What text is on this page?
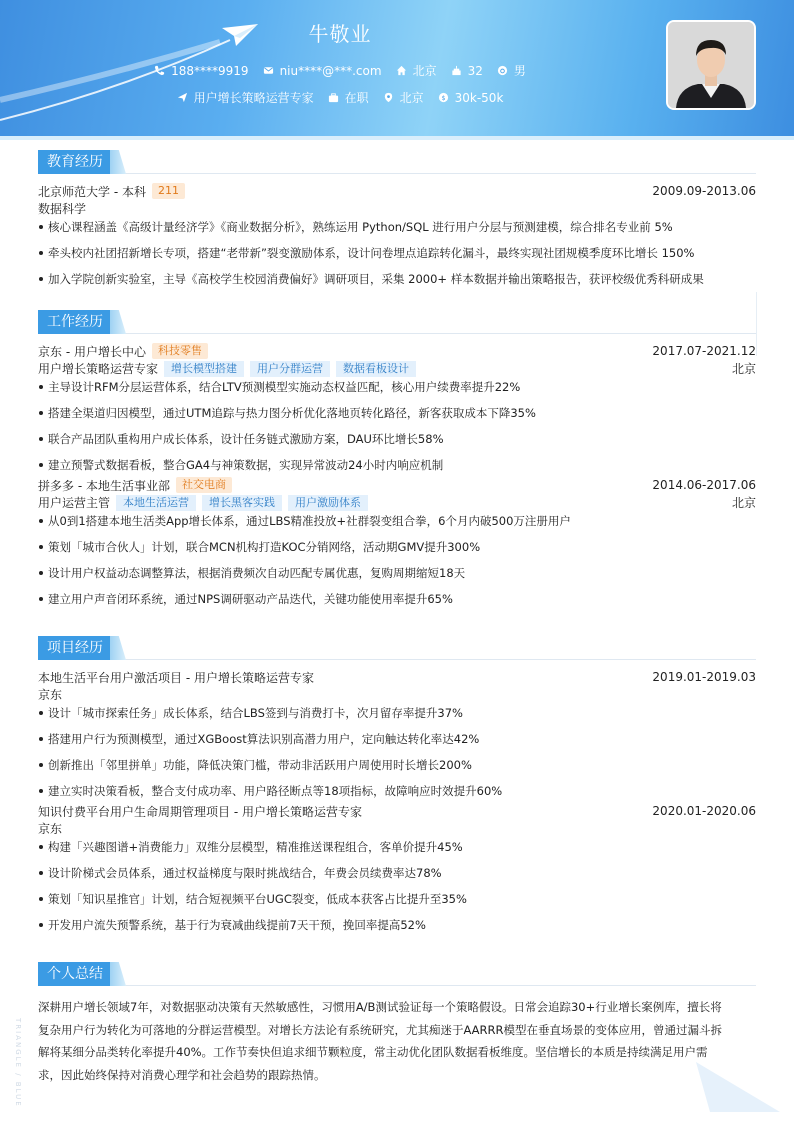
牛敬业
188****9919	niu****@***.com	北京	32	男
用户增长策略运营专家	在职	北京 $ 30k-50k
教育经历
北京师范大学 - 本科	211	2009.09-2013.06
数据科学
核心课程涵盖《高级计量经济学》《商业数据分析》，熟练运用 Python/SQL 进行用户分层与预测建模，综合排名专业前 5%
牵头校内社团招新增长专项，搭建“老带新”裂变激励体系，设计问卷埋点追踪转化漏斗，最终实现社团规模季度环比增长 150%
加入学院创新实验室，主导《高校学生校园消费偏好》调研项目，采集 2000+ 样本数据并输出策略报告，获评校级优秀科研成果
工作经历
京东 - 用户增长中心	科技零售	2017.07-2021.12
用户增长策略运营专家	增长模型搭建	用户分群运营	数据看板设计	北京
主导设计RFM分层运营体系，结合LTV预测模型实施动态权益匹配，核心用户续费率提升22%
搭建全渠道归因模型，通过UTM追踪与热力图分析优化落地页转化路径，新客获取成本下降35%
联合产品团队重构用户成长体系，设计任务链式激励方案，DAU环比增长58%
建立预警式数据看板，整合GA4与神策数据，实现异常波动24小时内响应机制
拼多多 - 本地生活事业部	社交电商	2014.06-2017.06
用户运营主管	本地生活运营	增长黑客实践	用户激励体系	北京
从0到1搭建本地生活类App增长体系，通过LBS精准投放+社群裂变组合拳，6个月内破500万注册用户
策划「城市合伙人」计划，联合MCN机构打造KOC分销网络，活动期GMV提升300%
设计用户权益动态调整算法，根据消费频次自动匹配专属优惠，复购周期缩短18天
建立用户声音闭环系统，通过NPS调研驱动产品迭代，关键功能使用率提升65%
项目经历
本地生活平台用户激活项目 - 用户增长策略运营专家	2019.01-2019.03
京东
设计「城市探索任务」成长体系，结合LBS签到与消费打卡，次月留存率提升37%
搭建用户行为预测模型，通过XGBoost算法识别高潜力用户，定向触达转化率达42%
创新推出「邻里拼单」功能，降低决策门槛，带动非活跃用户周使用时长增长200%
建立实时决策看板，整合支付成功率、用户路径断点等18项指标，故障响应时效提升60%
知识付费平台用户生命周期管理项目 - 用户增长策略运营专家	2020.01-2020.06
京东
构建「兴趣图谱+消费能力」双维分层模型，精准推送课程组合，客单价提升45%
设计阶梯式会员体系，通过权益梯度与限时挑战结合，年费会员续费率达78%
策划「知识星推官」计划，结合短视频平台UGC裂变，低成本获客占比提升至35%
开发用户流失预警系统，基于行为衰减曲线提前7天干预，挽回率提高52%
个人总结
深耕用户增长领域7年，对数据驱动决策有天然敏感性，习惯用A/B测试验证每一个策略假设。日常会追踪30+行业增长案例库，擅长将
复杂用户行为转化为可落地的分群运营模型。对增长方法论有系统研究，尤其痴迷于AARRR模型在垂直场景的变体应用，曾通过漏斗拆
解将某细分品类转化率提升40%。工作节奏快但追求细节颗粒度，常主动优化团队数据看板维度。坚信增长的本质是持续满足用户需
求，因此始终保持对消费心理学和社会趋势的跟踪热情。
TRIANGLE / BLUE
